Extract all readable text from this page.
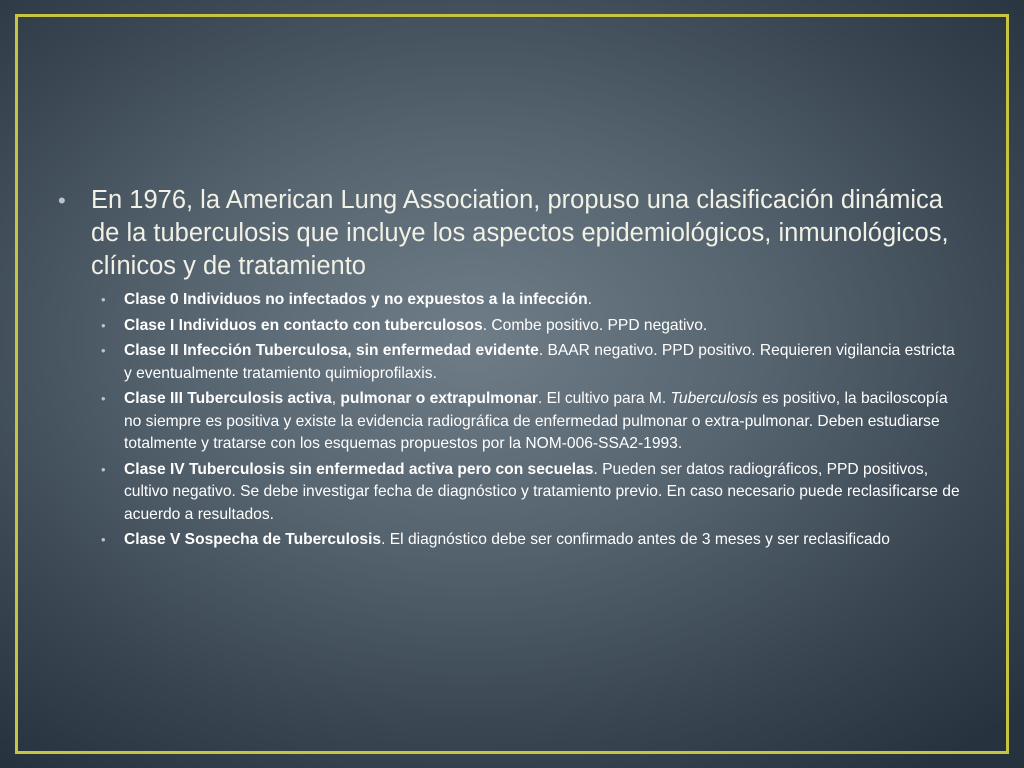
• En 1976, la American Lung Association, propuso una clasificación dinámica de la tuberculosis que incluye los aspectos epidemiológicos, inmunológicos, clínicos y de tratamiento
• Clase 0 Individuos no infectados y no expuestos a la infección.
• Clase I Individuos en contacto con tuberculosos. Combe positivo. PPD negativo.
• Clase II Infección Tuberculosa, sin enfermedad evidente. BAAR negativo. PPD positivo. Requieren vigilancia estricta y eventualmente tratamiento quimioprofilaxis.
• Clase III Tuberculosis activa, pulmonar o extrapulmonar. El cultivo para M. Tuberculosis es positivo, la baciloscopía no siempre es positiva y existe la evidencia radiográfica de enfermedad pulmonar o extra-pulmonar. Deben estudiarse totalmente y tratarse con los esquemas propuestos por la NOM-006-SSA2-1993.
• Clase IV Tuberculosis sin enfermedad activa pero con secuelas. Pueden ser datos radiográficos, PPD positivos, cultivo negativo. Se debe investigar fecha de diagnóstico y tratamiento previo. En caso necesario puede reclasificarse de acuerdo a resultados.
• Clase V Sospecha de Tuberculosis. El diagnóstico debe ser confirmado antes de 3 meses y ser reclasificado
